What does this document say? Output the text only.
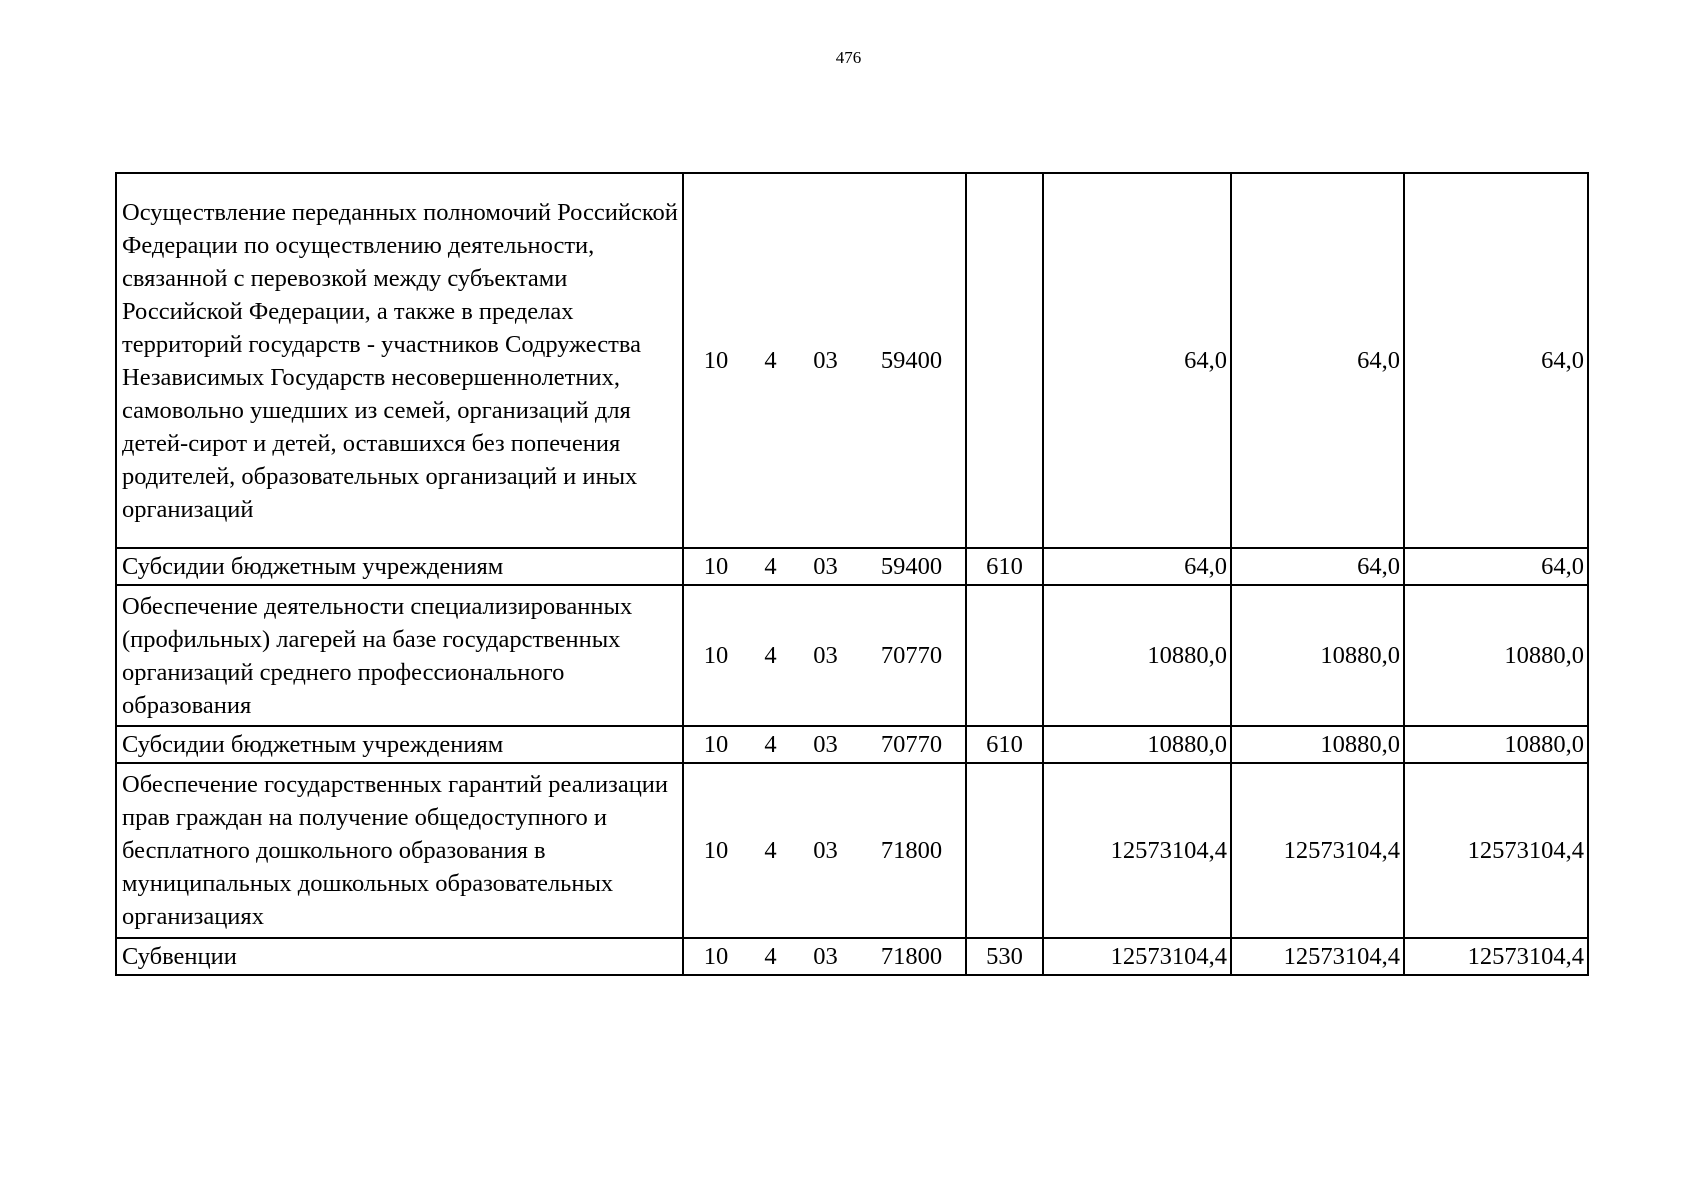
476
Осуществление переданных полномочий Российской Федерации по осуществлению деятельности, связанной с перевозкой между субъектами Российской Федерации, а также в пределах территорий государств - участников Содружества Независимых Государств несовершеннолетних, самовольно ушедших из семей, организаций для детей-сирот и детей, оставшихся без попечения родителей, образовательных организаций и иных организаций	10	4	03	59400		64,0	64,0	64,0
Субсидии бюджетным учреждениям	10	4	03	59400	610	64,0	64,0	64,0
Обеспечение деятельности специализированных (профильных) лагерей на базе государственных организаций среднего профессионального образования	10	4	03	70770		10880,0	10880,0	10880,0
Субсидии бюджетным учреждениям	10	4	03	70770	610	10880,0	10880,0	10880,0
Обеспечение государственных гарантий реализации прав граждан на получение общедоступного и бесплатного дошкольного образования в муниципальных дошкольных образовательных организациях	10	4	03	71800		12573104,4	12573104,4	12573104,4
Субвенции	10	4	03	71800	530	12573104,4	12573104,4	12573104,4
